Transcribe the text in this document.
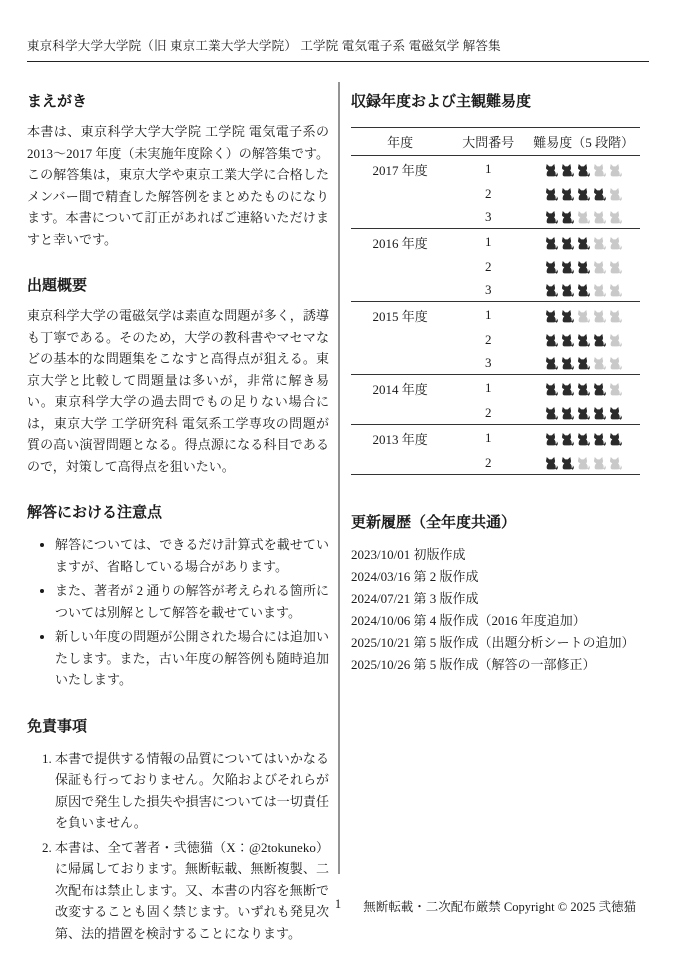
東京科学大学大学院（旧 東京工業大学大学院） 工学院 電気電子系 電磁気学 解答集
まえがき

本書は、東京科学大学大学院 工学院 電気電子系の 2013〜2017 年度（未実施年度除く）の解答集です。この解答集は，東京大学や東京工業大学に合格したメンバー間で精査した解答例をまとめたものになります。本書について訂正があればご連絡いただけますと幸いです。

出題概要

東京科学大学の電磁気学は素直な問題が多く，誘導も丁寧である。そのため，大学の教科書やマセマなどの基本的な問題集をこなすと高得点が狙える。東京大学と比較して問題量は多いが，非常に解き易い。東京科学大学の過去問でもの足りない場合には，東京大学 工学研究科 電気系工学専攻の問題が質の高い演習問題となる。得点源になる科目であるので，対策して高得点を狙いたい。

解答における注意点
• 解答については、できるだけ計算式を載せていますが、省略している場合があります。
• また、著者が 2 通りの解答が考えられる箇所については別解として解答を載せています。
• 新しい年度の問題が公開された場合には追加いたします。また，古い年度の解答例も随時追加いたします。
免責事項
1. 本書で提供する情報の品質についてはいかなる保証も行っておりません。欠陥およびそれらが原因で発生した損失や損害については一切責任を負いません。
2. 本書は、全て著者・弐徳猫（X：@2tokuneko）に帰属しております。無断転載、無断複製、二次配布は禁止します。又、本書の内容を無断で改変することも固く禁じます。いずれも発見次第、法的措置を検討することになります。
収録年度および主観難易度
年度	大問番号	難易度（5 段階）
2017 年度	1	

	2	

	3	

2016 年度	1	

	2	

	3	

2015 年度	1	

	2	

	3	

2014 年度	1	

	2	

2013 年度	1	

	2	
更新履歴（全年度共通）
2023/10/01 初版作成
2024/03/16 第 2 版作成
2024/07/21 第 3 版作成
2024/10/06 第 4 版作成（2016 年度追加）
2025/10/21 第 5 版作成（出題分析シートの追加）
2025/10/26 第 5 版作成（解答の一部修正）
1	無断転載・二次配布厳禁 Copyright © 2025 弐徳猫
